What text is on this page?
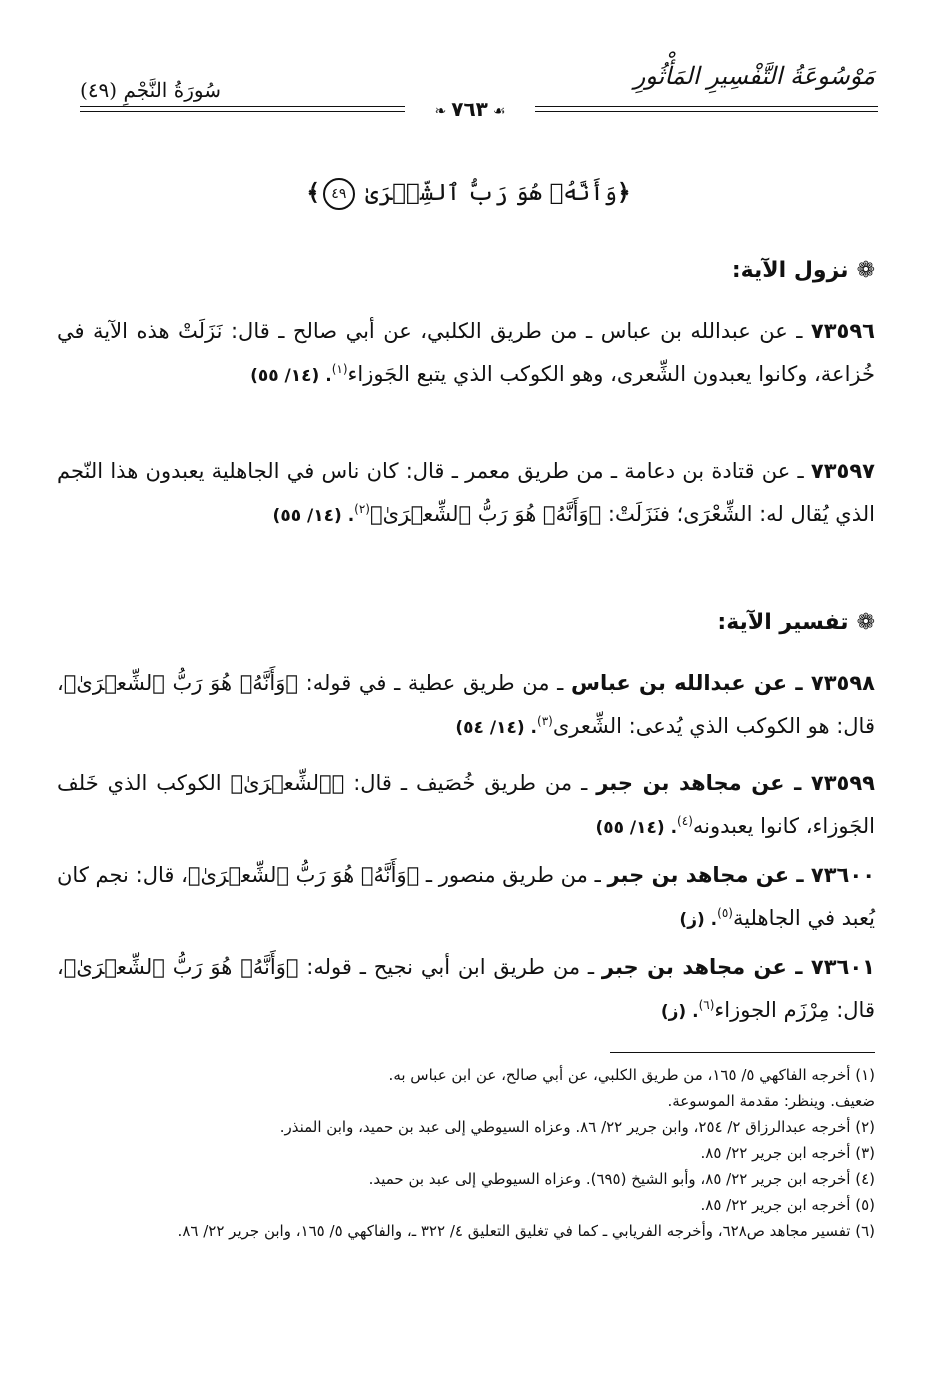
مَوْسُوعَةُ التَّفْسِيرِ المَأْثُورِ
سُورَةُ النَّجْمِ (٤٩)
❧ ٧٦٣ ☙
﴿وَأَنَّهُۥ هُوَ رَبُّ ٱلشِّعۡرَىٰ ٤٩﴾
❁نزول الآية:
٧٣٥٩٦ ـ عن عبدالله بن عباس ـ من طريق الكلبي، عن أبي صالح ـ قال: نَزَلَتْ هذه الآية في خُزاعة، وكانوا يعبدون الشِّعرى، وهو الكوكب الذي يتبع الجَوزاء$^{(١)}$. (١٤/ ٥٥)
٧٣٥٩٧ ـ عن قتادة بن دعامة ـ من طريق معمر ـ قال: كان ناس في الجاهلية يعبدون هذا النّجم الذي يُقال له: الشِّعْرَى؛ فنَزَلَتْ: ﴿وَأَنَّهُۥ هُوَ رَبُّ ٱلشِّعۡرَىٰ﴾$^{(٢)}$. (١٤/ ٥٥)
❁تفسير الآية:
٧٣٥٩٨ ـ عن عبدالله بن عباس ـ من طريق عطية ـ في قوله: ﴿وَأَنَّهُۥ هُوَ رَبُّ ٱلشِّعۡرَىٰ﴾، قال: هو الكوكب الذي يُدعى: الشِّعرى$^{(٣)}$. (١٤/ ٥٤)
٧٣٥٩٩ ـ عن مجاهد بن جبر ـ من طريق خُصَيف ـ قال: ﴿ٱلشِّعۡرَىٰ﴾ الكوكب الذي خَلف الجَوزاء، كانوا يعبدونه$^{(٤)}$. (١٤/ ٥٥)
٧٣٦٠٠ ـ عن مجاهد بن جبر ـ من طريق منصور ـ ﴿وَأَنَّهُۥ هُوَ رَبُّ ٱلشِّعۡرَىٰ﴾، قال: نجم كان يُعبد في الجاهلية$^{(٥)}$. (ز)
٧٣٦٠١ ـ عن مجاهد بن جبر ـ من طريق ابن أبي نجيح ـ قوله: ﴿وَأَنَّهُۥ هُوَ رَبُّ ٱلشِّعۡرَىٰ﴾، قال: مِرْزَم الجوزاء$^{(٦)}$. (ز)
(١) أخرجه الفاكهي ٥/ ١٦٥، من طريق الكلبي، عن أبي صالح، عن ابن عباس به.
ضعيف. وينظر: مقدمة الموسوعة.
(٢) أخرجه عبدالرزاق ٢/ ٢٥٤، وابن جرير ٢٢/ ٨٦. وعزاه السيوطي إلى عبد بن حميد، وابن المنذر.
(٣) أخرجه ابن جرير ٢٢/ ٨٥.
(٤) أخرجه ابن جرير ٢٢/ ٨٥، وأبو الشيخ (٦٩٥). وعزاه السيوطي إلى عبد بن حميد.
(٥) أخرجه ابن جرير ٢٢/ ٨٥.
(٦) تفسير مجاهد ص٦٢٨، وأخرجه الفريابي ـ كما في تغليق التعليق ٤/ ٣٢٢ ـ، والفاكهي ٥/ ١٦٥، وابن جرير ٢٢/ ٨٦.
